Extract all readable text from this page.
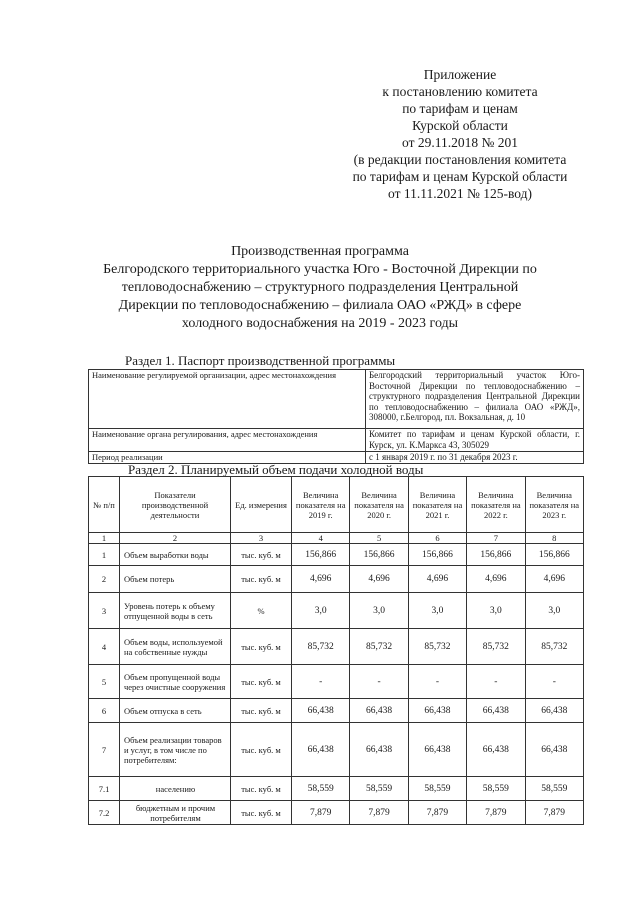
Приложение
к постановлению комитета
по тарифам и ценам
Курской области
от 29.11.2018 № 201
(в редакции постановления комитета
по тарифам и ценам Курской области
от 11.11.2021 № 125-вод)
Производственная программа
Белгородского территориального участка Юго - Восточной Дирекции по
тепловодоснабжению – структурного подразделения Центральной
Дирекции по тепловодоснабжению – филиала ОАО «РЖД» в сфере
холодного водоснабжения на 2019 - 2023 годы
Раздел 1. Паспорт производственной программы
Наименование регулируемой организации, адрес местонахождения	Белгородский территориальный участок Юго-Восточной Дирекции по тепловодоснабжению – структурного подразделения Центральной Дирекции по тепловодоснабжению – филиала ОАО «РЖД», 308000, г.Белгород, пл. Вокзальная, д. 10
Наименование органа регулирования, адрес местонахождения	Комитет по тарифам и ценам Курской области, г. Курск, ул. К.Маркса 43, 305029
Период реализации	с 1 января 2019 г. по 31 декабря 2023 г.
Раздел 2. Планируемый объем подачи холодной воды
№ п/п	Показатели производственной деятельности	Ед. измерения	Величина показателя на 2019 г.	Величина показателя на 2020 г.	Величина показателя на 2021 г.	Величина показателя на 2022 г.	Величина показателя на 2023 г.
1	2	3	4	5	6	7	8
1	Объем выработки воды	тыс. куб. м	156,866	156,866	156,866	156,866	156,866
2	Объем потерь	тыс. куб. м	4,696	4,696	4,696	4,696	4,696
3	Уровень потерь к объему отпущенной воды в сеть	%	3,0	3,0	3,0	3,0	3,0
4	Объем воды, используемой на собственные нужды	тыс. куб. м	85,732	85,732	85,732	85,732	85,732
5	Объем пропущенной воды через очистные сооружения	тыс. куб. м	-	-	-	-	-
6	Объем отпуска в сеть	тыс. куб. м	66,438	66,438	66,438	66,438	66,438
7	Объем реализации товаров и услуг, в том числе по потребителям:	тыс. куб. м	66,438	66,438	66,438	66,438	66,438
7.1	населению	тыс. куб. м	58,559	58,559	58,559	58,559	58,559
7.2	бюджетным и прочим потребителям	тыс. куб. м	7,879	7,879	7,879	7,879	7,879
